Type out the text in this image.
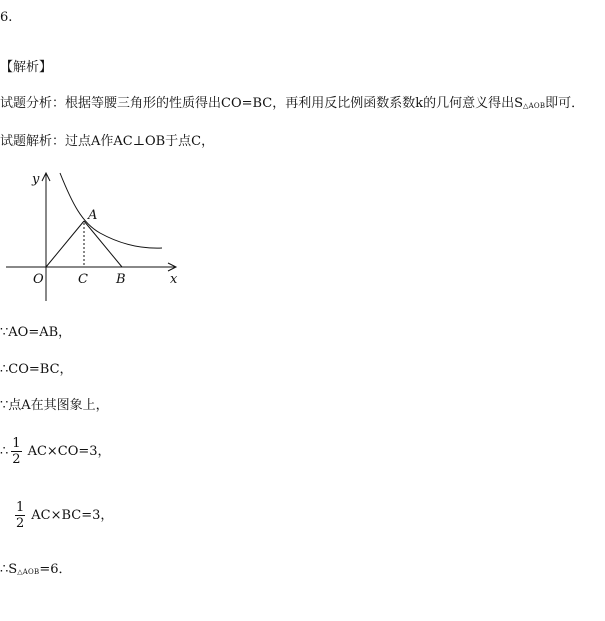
6.
【解析】
试题分析：根据等腰三角形的性质得出CO=BC，再利用反比例函数系数k的几何意义得出S△AOB即可．
试题解析：过点A作AC⊥OB于点C，
y
x
A
O	C B
∵AO=AB，
∴CO=BC，
∵点A在其图象上，
∴ $\frac{1}{2} AC\times CO=3$，
$\frac{1}{2} AC\times BC=3$，
∴S△AOB=6．
